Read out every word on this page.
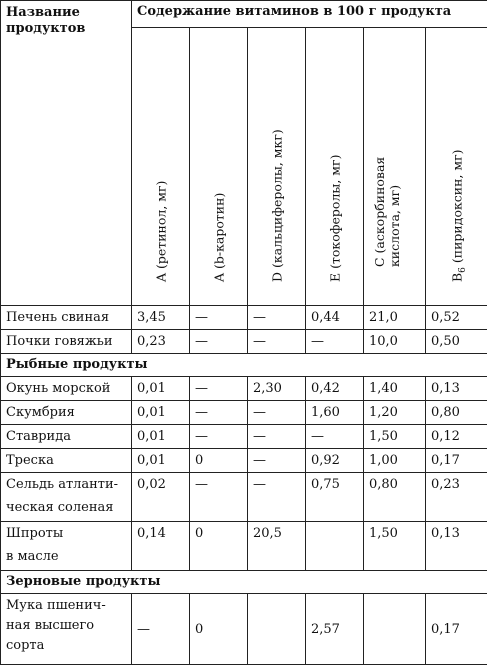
Название продуктов	Содержание витаминов в 100 г продукта					

	A (ретинол, мг)	A (b-каротин)	D (кальциферолы, мкг)	E (токоферолы, мг)	C (аскорбиновая кислота, мг)	$B_6$ (пиридоксин, мг)

Печень свиная	3,45	—	—	0,44	21,0	0,52
Почки говяжьи	0,23	—	—	—	10,0	0,50
Рыбные продукты						
Окунь морской	0,01	—	2,30	0,42	1,40	0,13
Скумбрия	0,01	—	—	1,60	1,20	0,80
Ставрида	0,01	—	—	—	1,50	0,12
Треска	0,01	0	—	0,92	1,00	0,17

Сельдь атланти-
ческая соленая	0,02	—	—	0,75	0,80	0,23

Шпроты
в масле	0,14	0	20,5		1,50	0,13
Зерновые продукты						

Мука пшенич-
ная высшего
сорта	—	0		2,57		0,17
